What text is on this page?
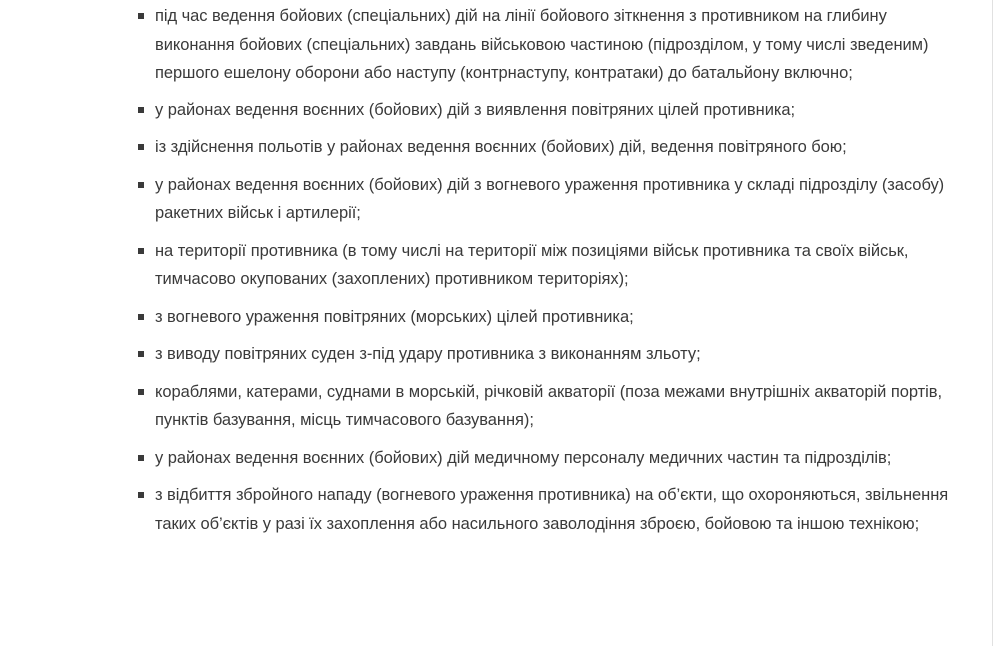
під час ведення бойових (спеціальних) дій на лінії бойового зіткнення з противником на глибину виконання бойових (спеціальних) завдань військовою частиною (підрозділом, у тому числі зведеним) першого ешелону оборони або наступу (контрнаступу, контратаки) до батальйону включно;
у районах ведення воєнних (бойових) дій з виявлення повітряних цілей противника;
із здійснення польотів у районах ведення воєнних (бойових) дій, ведення повітряного бою;
у районах ведення воєнних (бойових) дій з вогневого ураження противника у складі підрозділу (засобу) ракетних військ і артилерії;
на території противника (в тому числі на території між позиціями військ противника та своїх військ, тимчасово окупованих (захоплених) противником територіях);
з вогневого ураження повітряних (морських) цілей противника;
з виводу повітряних суден з-під удару противника з виконанням зльоту;
кораблями, катерами, суднами в морській, річковій акваторії (поза межами внутрішніх акваторій портів, пунктів базування, місць тимчасового базування);
у районах ведення воєнних (бойових) дій медичному персоналу медичних частин та підрозділів;
з відбиття збройного нападу (вогневого ураження противника) на об’єкти, що охороняються, звільнення таких об’єктів у разі їх захоплення або насильного заволодіння зброєю, бойовою та іншою технікою;
